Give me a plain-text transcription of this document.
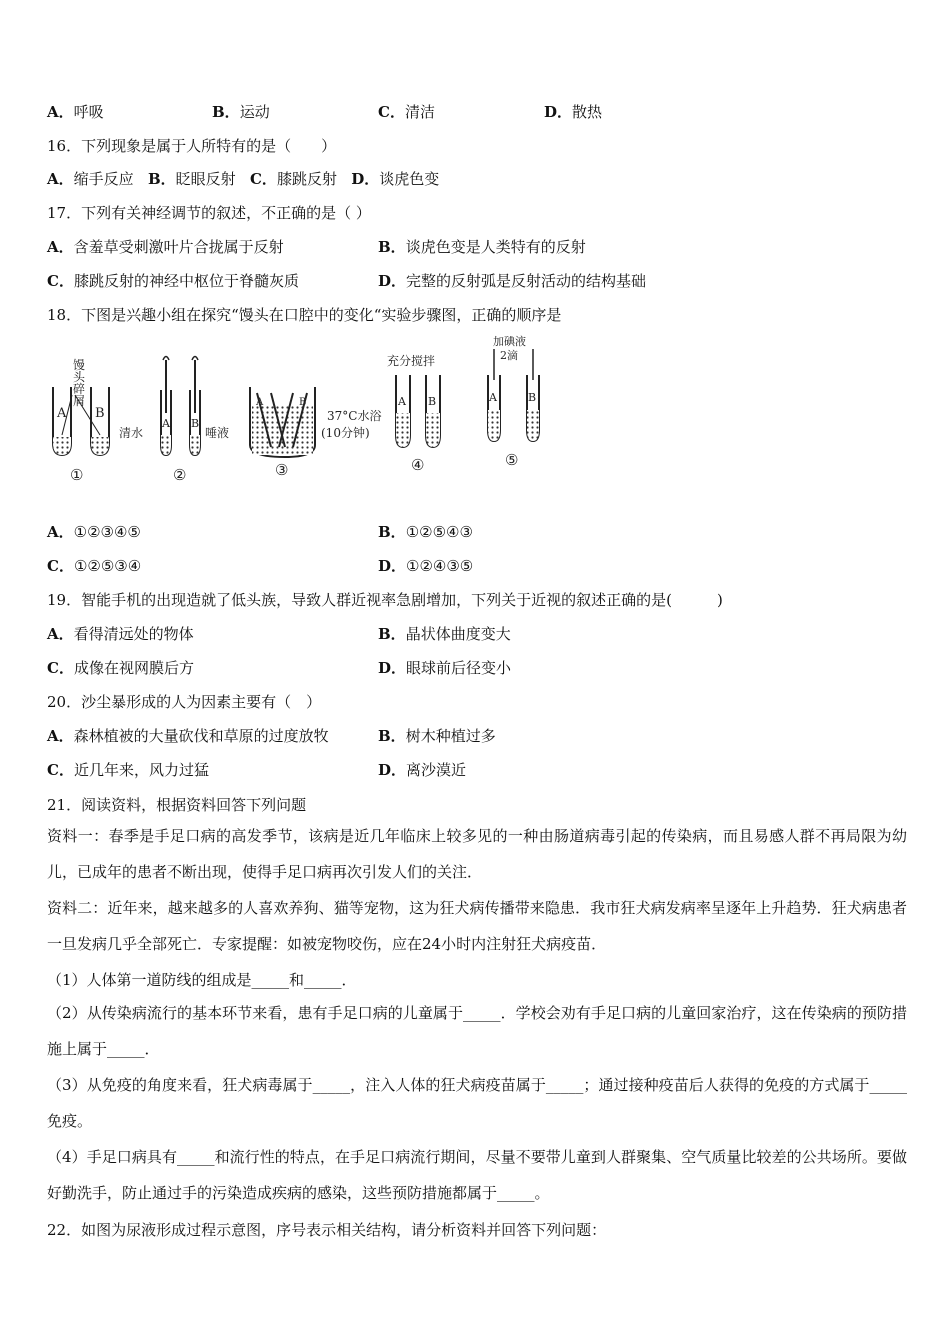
A．呼吸	B．运动	C．清洁	D．散热
16．下列现象是属于人所特有的是（　　）
A．缩手反应 B．眨眼反射 C．膝跳反射 D．谈虎色变
17．下列有关神经调节的叙述，不正确的是（ ）
A．含羞草受刺激叶片合拢属于反射	B．谈虎色变是人类特有的反射
C．膝跳反射的神经中枢位于脊髓灰质	D．完整的反射弧是反射活动的结构基础
18．下图是兴趣小组在探究“馒头在口腔中的变化“实验步骤图，正确的顺序是
A B
馒
头
碎
屑
①
A B
清水	唾液
②
A	B
37°C水浴
(10分钟)
③
A B
充分搅拌
④
A	B
加碘液
2滴
⑤
A．①②③④⑤	B．①②⑤④③
C．①②⑤③④	D．①②④③⑤
19．智能手机的出现造就了低头族，导致人群近视率急剧增加，下列关于近视的叙述正确的是(　　　)
A．看得清远处的物体	B．晶状体曲度变大
C．成像在视网膜后方	D．眼球前后径变小
20．沙尘暴形成的人为因素主要有（　）
A．森林植被的大量砍伐和草原的过度放牧	B．树木种植过多
C．近几年来，风力过猛	D．离沙漠近
21．阅读资料，根据资料回答下列问题
资料一：春季是手足口病的高发季节，该病是近几年临床上较多见的一种由肠道病毒引起的传染病，而且易感人群不再局限为幼儿，已成年的患者不断出现，使得手足口病再次引发人们的关注．
资料二：近年来，越来越多的人喜欢养狗、猫等宠物，这为狂犬病传播带来隐患．我市狂犬病发病率呈逐年上升趋势．狂犬病患者一旦发病几乎全部死亡．专家提醒：如被宠物咬伤，应在24小时内注射狂犬病疫苗．
（1）人体第一道防线的组成是_____和_____．
（2）从传染病流行的基本环节来看，患有手足口病的儿童属于_____．学校会劝有手足口病的儿童回家治疗，这在传染病的预防措施上属于_____．
（3）从免疫的角度来看，狂犬病毒属于_____，注入人体的狂犬病疫苗属于_____；通过接种疫苗后人获得的免疫的方式属于_____免疫。
（4）手足口病具有_____和流行性的特点，在手足口病流行期间，尽量不要带儿童到人群聚集、空气质量比较差的公共场所。要做好勤洗手，防止通过手的污染造成疾病的感染，这些预防措施都属于_____。
22．如图为尿液形成过程示意图，序号表示相关结构，请分析资料并回答下列问题：
